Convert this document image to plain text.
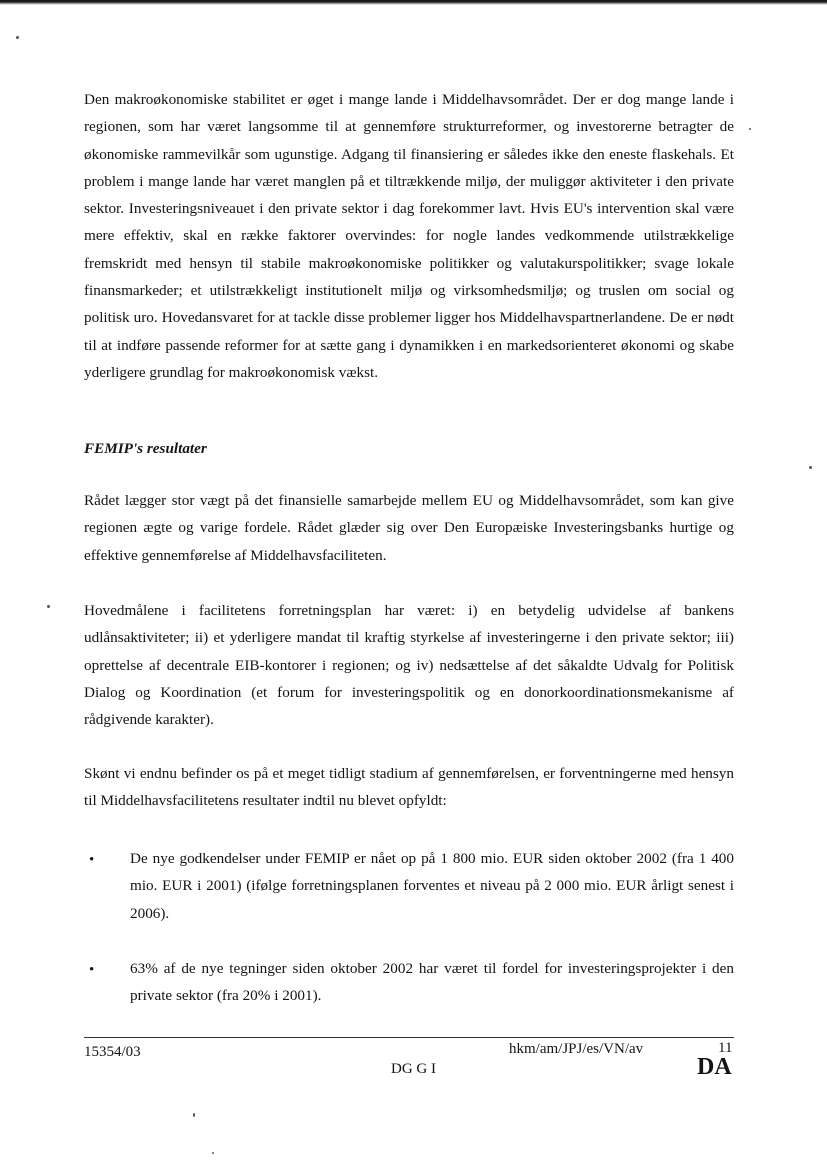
Den makroøkonomiske stabilitet er øget i mange lande i Middelhavsområdet. Der er dog mange lande i regionen, som har været langsomme til at gennemføre strukturreformer, og investorerne betragter de økonomiske rammevilkår som ugunstige. Adgang til finansiering er således ikke den eneste flaskehals. Et problem i mange lande har været manglen på et tiltrækkende miljø, der muliggør aktiviteter i den private sektor. Investeringsniveauet i den private sektor i dag forekommer lavt. Hvis EU's intervention skal være mere effektiv, skal en række faktorer overvindes: for nogle landes vedkommende utilstrækkelige fremskridt med hensyn til stabile makroøkonomiske politikker og valutakurspolitikker; svage lokale finansmarkeder; et utilstrækkeligt institutionelt miljø og virksomhedsmiljø; og truslen om social og politisk uro. Hovedansvaret for at tackle disse problemer ligger hos Middelhavspartnerlandene. De er nødt til at indføre passende reformer for at sætte gang i dynamikken i en markedsorienteret økonomi og skabe yderligere grundlag for makroøkonomisk vækst.

FEMIP's resultater

Rådet lægger stor vægt på det finansielle samarbejde mellem EU og Middelhavsområdet, som kan give regionen ægte og varige fordele. Rådet glæder sig over Den Europæiske Investeringsbanks hurtige og effektive gennemførelse af Middelhavsfaciliteten.

Hovedmålene i facilitetens forretningsplan har været: i) en betydelig udvidelse af bankens udlånsaktiviteter; ii) et yderligere mandat til kraftig styrkelse af investeringerne i den private sektor; iii) oprettelse af decentrale EIB-kontorer i regionen; og iv) nedsættelse af det såkaldte Udvalg for Politisk Dialog og Koordination (et forum for investeringspolitik og en donorkoordinationsmekanisme af rådgivende karakter).

Skønt vi endnu befinder os på et meget tidligt stadium af gennemførelsen, er forventningerne med hensyn til Middelhavsfacilitetens resultater indtil nu blevet opfyldt:

• De nye godkendelser under FEMIP er nået op på 1 800 mio. EUR siden oktober 2002 (fra 1 400 mio. EUR i 2001) (ifølge forretningsplanen forventes et niveau på 2 000 mio. EUR årligt senest i 2006).

• 63% af de nye tegninger siden oktober 2002 har været til fordel for investeringsprojekter i den private sektor (fra 20% i 2001).

15354/03
DG G I
hkm/am/JPJ/es/VN/av	11
DA
